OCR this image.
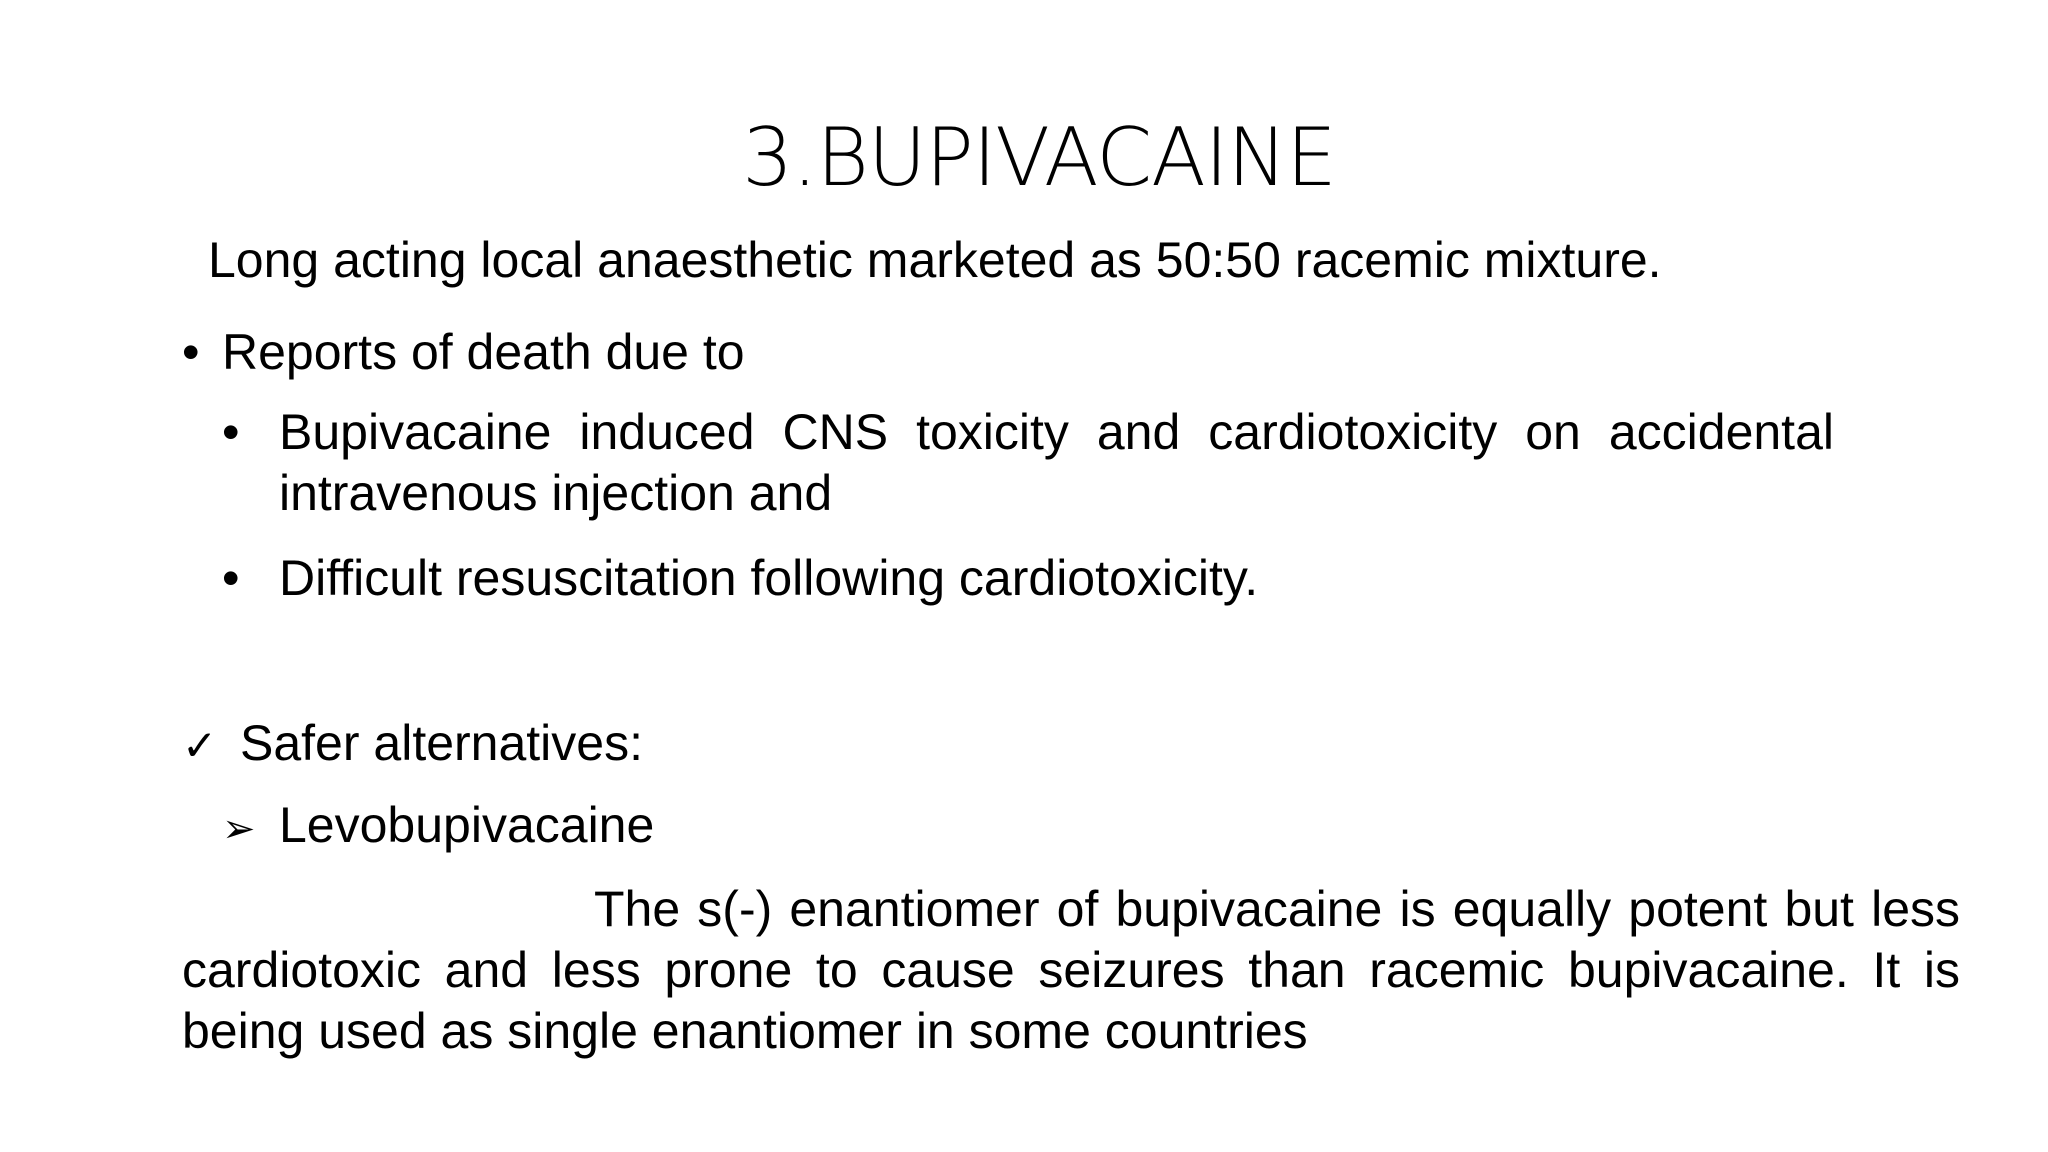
3.BUPIVACAINE
Long acting local anaesthetic marketed as 50:50 racemic mixture.
• Reports of death due to
• Bupivacaine induced CNS toxicity and cardiotoxicity on accidental intravenous injection and
• Difficult resuscitation following cardiotoxicity.
✓ Safer alternatives:
➢ Levobupivacaine

The s(-) enantiomer of bupivacaine is equally potent but less cardiotoxic and less prone to cause seizures than racemic bupivacaine. It is being used as single enantiomer in some countries
